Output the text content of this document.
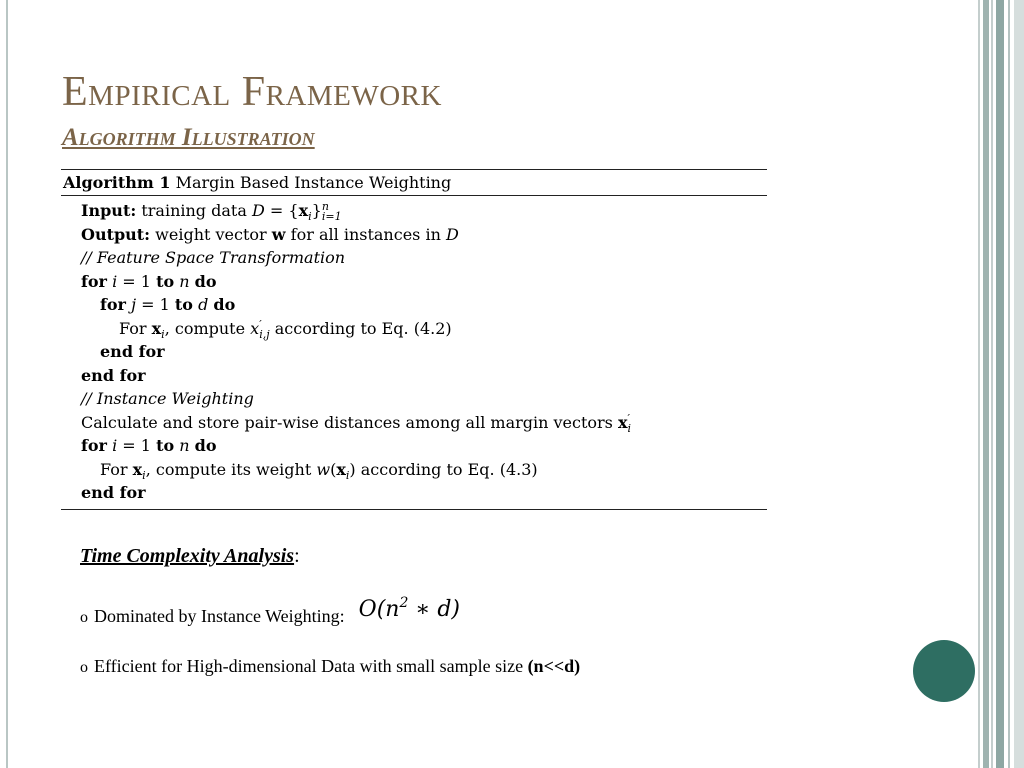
Empirical Framework
Algorithm Illustration
Algorithm 1 Margin Based Instance Weighting
Input: training data $D = \{x_i\}$ n
i=1
Output: weight vector w for all instances in D
// Feature Space Transformation
for i = 1 to n do
for j = 1 to d do
For $x_i$, compute x ′
i,j according to Eq. (4.2)
end for
end for
// Instance Weighting
Calculate and store pair-wise distances among all margin vectors x ′
i
for i = 1 to n do
For $x_i$, compute its weight $w(x_i)$ according to Eq. (4.3)
end for
Time Complexity Analysis:
o Dominated by Instance Weighting: $O(n^2$ ∗ d)
o Efficient for High-dimensional Data with small sample size (n<<d)
